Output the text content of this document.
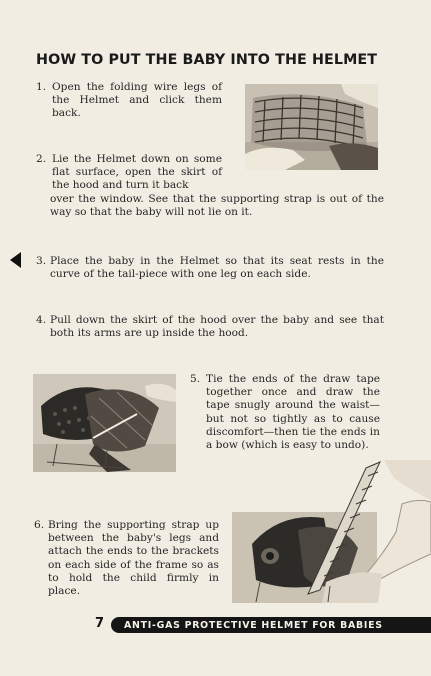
HOW TO PUT THE BABY INTO THE HELMET
1. Open the folding wire legs of the Helmet and click them back.
2. Lie the Helmet down on some flat surface, open the skirt of the hood and turn it back
over the window. See that the supporting strap is out of the way so that the baby will not lie on it.
3. Place the baby in the Helmet so that its seat rests in the curve of the tail-piece with one leg on each side.
4. Pull down the skirt of the hood over the baby and see that both its arms are up inside the hood.
5. Tie the ends of the draw tape together once and draw the tape snugly around the waist—but not so tightly as to cause discomfort—then tie the ends in a bow (which is easy to undo).
6. Bring the supporting strap up between the baby's legs and attach the ends to the brackets on each side of the frame so as to hold the child firmly in place.
7 ANTI-GAS PROTECTIVE HELMET FOR BABIES
